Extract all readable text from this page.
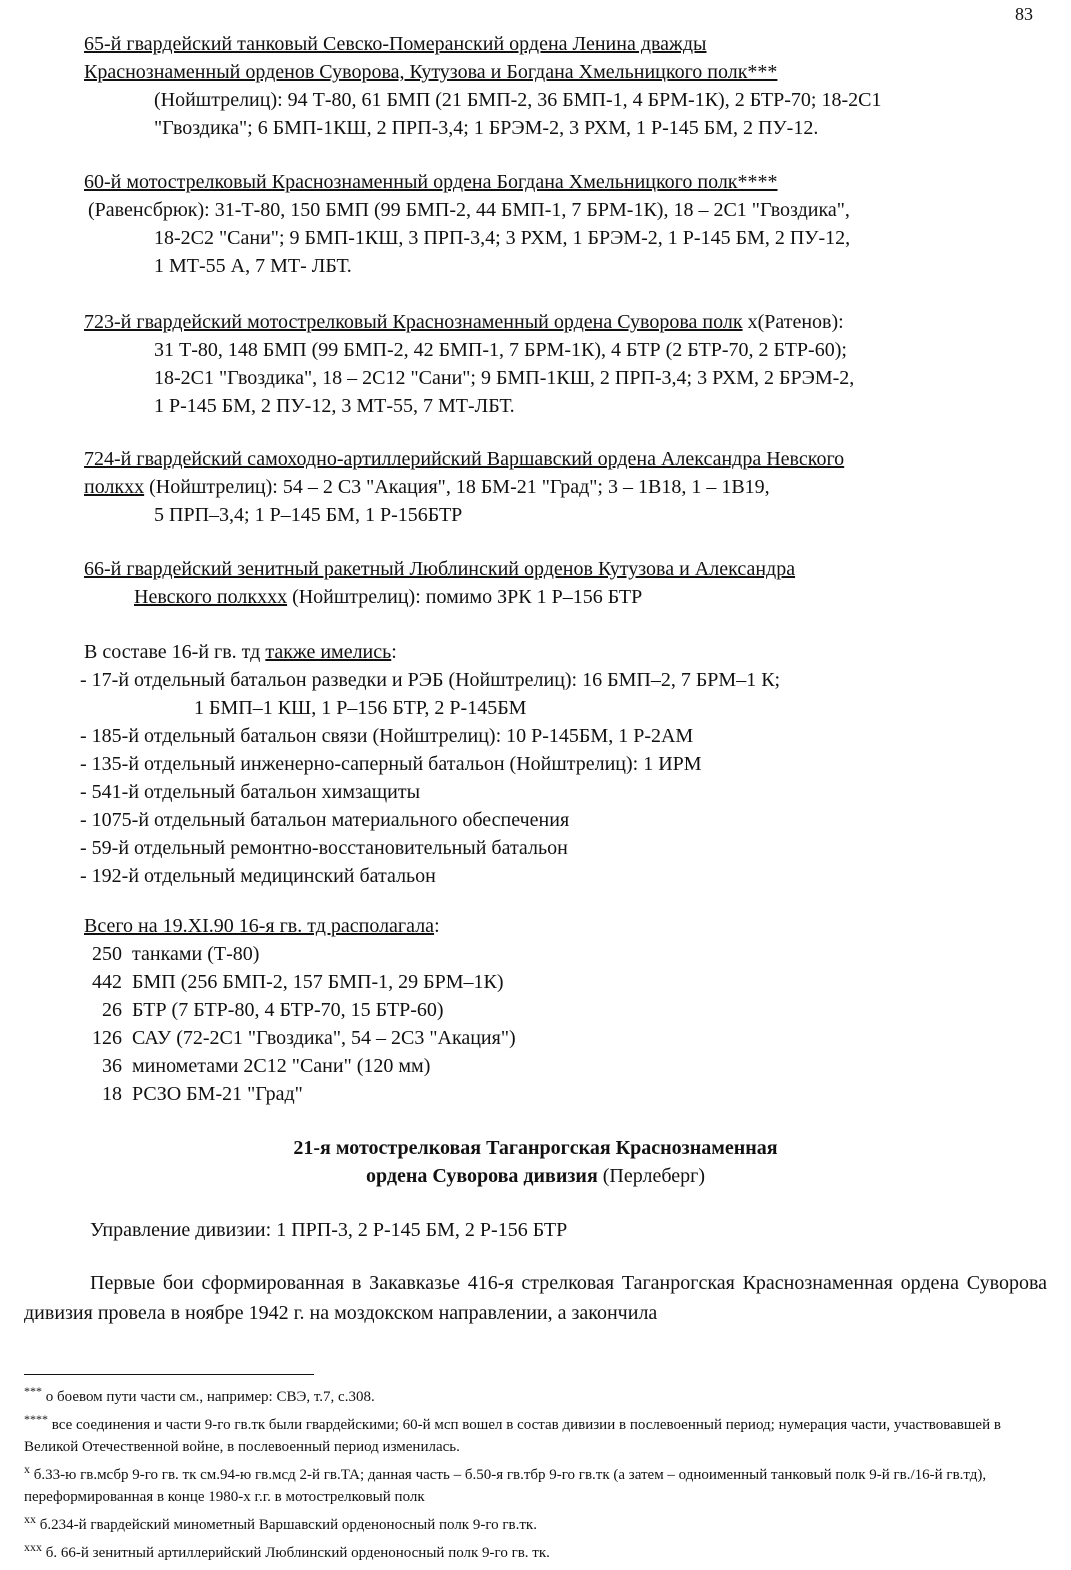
83
65-й гвардейский танковый Севско-Померанский ордена Ленина дважды
Краснознаменный орденов Суворова, Кутузова и Богдана Хмельницкого полк***
(Нойштрелиц): 94 Т-80, 61 БМП (21 БМП-2, 36 БМП-1, 4 БРМ-1К), 2 БТР-70; 18-2С1
"Гвоздика"; 6 БМП-1КШ, 2 ПРП-3,4; 1 БРЭМ-2, 3 РХМ, 1 Р-145 БМ, 2 ПУ-12.
60-й мотострелковый Краснознаменный ордена Богдана Хмельницкого полк****
(Равенсбрюк): 31-Т-80, 150 БМП (99 БМП-2, 44 БМП-1, 7 БРМ-1К), 18 – 2С1 "Гвоздика",
18-2С2 "Сани"; 9 БМП-1КШ, 3 ПРП-3,4; 3 РХМ, 1 БРЭМ-2, 1 Р-145 БМ, 2 ПУ-12,
1 МТ-55 А, 7 МТ- ЛБТ.
723-й гвардейский мотострелковый Краснознаменный ордена Суворова полк x(Ратенов):
31 Т-80, 148 БМП (99 БМП-2, 42 БМП-1, 7 БРМ-1К), 4 БТР (2 БТР-70, 2 БТР-60);
18-2С1 "Гвоздика", 18 – 2С12 "Сани"; 9 БМП-1КШ, 2 ПРП-3,4; 3 РХМ, 2 БРЭМ-2,
1 Р-145 БМ, 2 ПУ-12, 3 МТ-55, 7 МТ-ЛБТ.
724-й гвардейский самоходно-артиллерийский Варшавский ордена Александра Невского
полкxx (Нойштрелиц): 54 – 2 С3 "Акация", 18 БМ-21 "Град"; 3 – 1В18, 1 – 1В19,
5 ПРП–3,4; 1 Р–145 БМ, 1 Р-156БТР
66-й гвардейский зенитный ракетный Люблинский орденов Кутузова и Александра
Невского полкxxx (Нойштрелиц): помимо ЗРК 1 Р–156 БТР
В составе 16-й гв. тд также имелись:
- 17-й отдельный батальон разведки и РЭБ (Нойштрелиц): 16 БМП–2, 7 БРМ–1 К;
1 БМП–1 КШ, 1 Р–156 БТР, 2 Р-145БМ
- 185-й отдельный батальон связи (Нойштрелиц): 10 Р-145БМ, 1 Р-2АМ
- 135-й отдельный инженерно-саперный батальон (Нойштрелиц): 1 ИРМ
- 541-й отдельный батальон химзащиты
- 1075-й отдельный батальон материального обеспечения
- 59-й отдельный ремонтно-восстановительный батальон
- 192-й отдельный медицинский батальон
Всего на 19.XI.90 16-я гв. тд располагала:
250 танками (Т-80)
442 БМП (256 БМП-2, 157 БМП-1, 29 БРМ–1К)
26 БТР (7 БТР-80, 4 БТР-70, 15 БТР-60)
126 САУ (72-2С1 "Гвоздика", 54 – 2С3 "Акация")
36 минометами 2С12 "Сани" (120 мм)
18 РСЗО БМ-21 "Град"
21-я мотострелковая Таганрогская Краснознаменная
ордена Суворова дивизия (Перлеберг)
Управление дивизии: 1 ПРП-3, 2 Р-145 БМ, 2 Р-156 БТР
Первые бои сформированная в Закавказье 416-я стрелковая Таганрогская Краснознаменная ордена Суворова дивизия провела в ноябре 1942 г. на моздокском направлении, а закончила
*** о боевом пути части см., например: СВЭ, т.7, с.308.
**** все соединения и части 9-го гв.тк были гвардейскими; 60-й мсп вошел в состав дивизии в послевоенный период; нумерация части, участвовавшей в Великой Отечественной войне, в послевоенный период изменилась.
$^x$ б.33-ю гв.мсбр 9-го гв. тк см.94-ю гв.мсд 2-й гв.ТА; данная часть – б.50-я гв.тбр 9-го гв.тк (а затем – одноименный танковый полк 9-й гв./16-й гв.тд), переформированная в конце 1980-х г.г. в мотострелковый полк
$^{xx}$ б.234-й гвардейский минометный Варшавский орденоносный полк 9-го гв.тк.
$^{xxx}$ б. 66-й зенитный артиллерийский Люблинский орденоносный полк 9-го гв. тк.
